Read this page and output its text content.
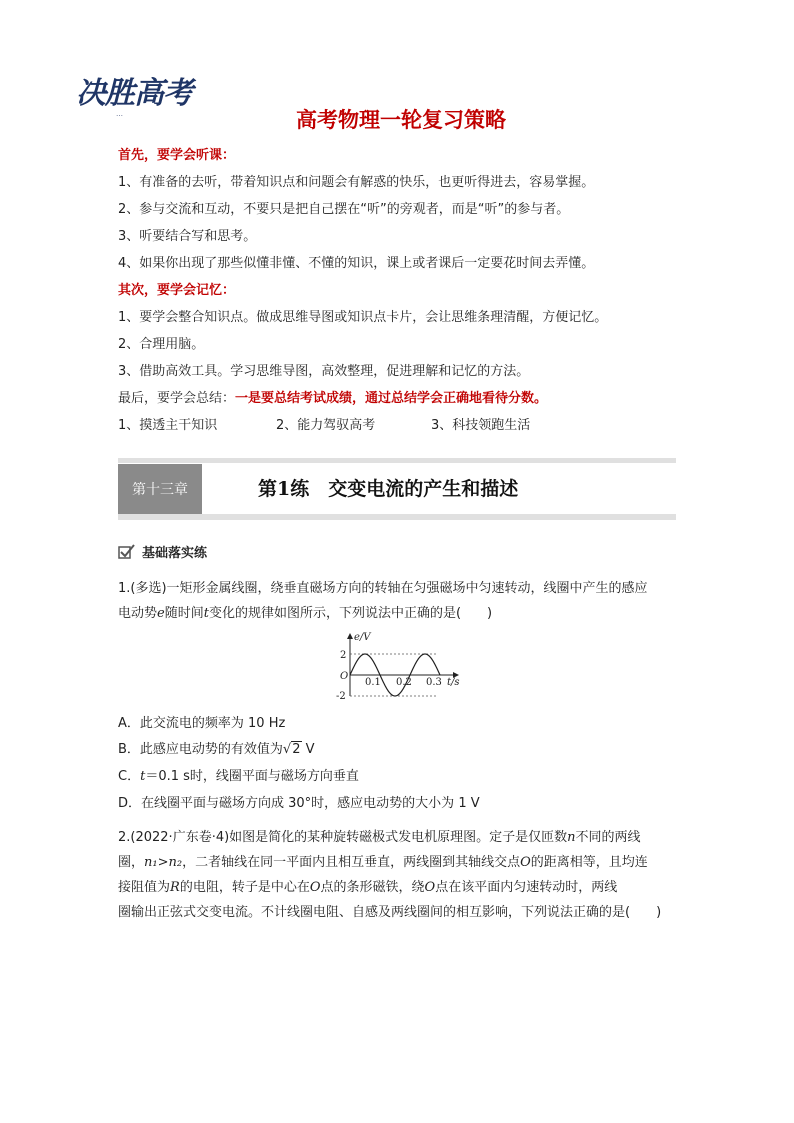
决胜高考
…	高考物理一轮复习策略
首先，要学会听课：
1、有准备的去听，带着知识点和问题会有解惑的快乐，也更听得进去，容易掌握。
2、参与交流和互动，不要只是把自己摆在“听”的旁观者，而是“听”的参与者。
3、听要结合写和思考。
4、如果你出现了那些似懂非懂、不懂的知识，课上或者课后一定要花时间去弄懂。
其次，要学会记忆：
1、要学会整合知识点。做成思维导图或知识点卡片，会让思维条理清醒，方便记忆。
2、合理用脑。
3、借助高效工具。学习思维导图，高效整理，促进理解和记忆的方法。
最后，要学会总结：一是要总结考试成绩，通过总结学会正确地看待分数。
1、摸透主干知识	2、能力驾驭高考	3、科技领跑生活
第十三章	第1练　交变电流的产生和描述
基础落实练
1.(多选)一矩形金属线圈，绕垂直磁场方向的转轴在匀强磁场中匀速转动，线圈中产生的感应
电动势e随时间t变化的规律如图所示，下列说法中正确的是(　　)
e/V
t/s
O
2
-2
0.1 0.2 0.3
A．此交流电的频率为 10 Hz
B．此感应电动势的有效值为√2 V
C．t＝0.1 s时，线圈平面与磁场方向垂直
D．在线圈平面与磁场方向成 30°时，感应电动势的大小为 1 V
2.(2022·广东卷·4)如图是简化的某种旋转磁极式发电机原理图。定子是仅匝数n不同的两线
圈，n₁>n₂，二者轴线在同一平面内且相互垂直，两线圈到其轴线交点O的距离相等，且均连
接阻值为R的电阻，转子是中心在O点的条形磁铁，绕O点在该平面内匀速转动时，两线
圈输出正弦式交变电流。不计线圈电阻、自感及两线圈间的相互影响，下列说法正确的是(　　)
